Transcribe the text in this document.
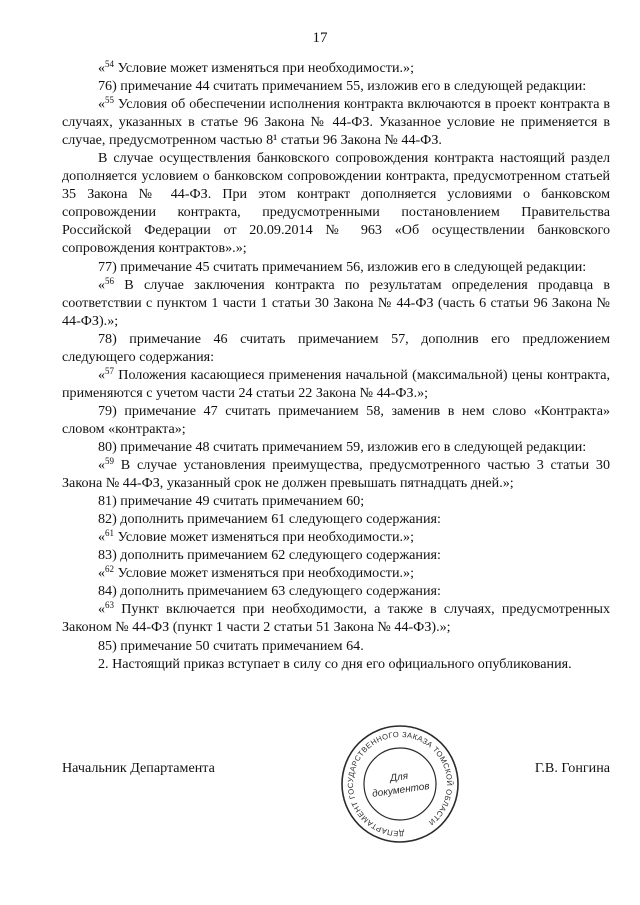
17

«$^{54}$ Условие может изменяться при необходимости.»;

76) примечание 44 считать примечанием 55, изложив его в следующей редакции:

«$^{55}$ Условия об обеспечении исполнения контракта включаются в проект контракта в случаях, указанных в статье 96 Закона № 44-ФЗ. Указанное условие не применяется в случае, предусмотренном частью 8¹ статьи 96 Закона № 44-ФЗ.

В случае осуществления банковского сопровождения контракта настоящий раздел дополняется условием о банковском сопровождении контракта, предусмотренном статьей 35 Закона № 44-ФЗ. При этом контракт дополняется условиями о банковском сопровождении контракта, предусмотренными постановлением Правительства Российской Федерации от 20.09.2014 № 963 «Об осуществлении банковского сопровождения контрактов».»;

77) примечание 45 считать примечанием 56, изложив его в следующей редакции:

«$^{56}$ В случае заключения контракта по результатам определения продавца в соответствии с пунктом 1 части 1 статьи 30 Закона № 44-ФЗ (часть 6 статьи 96 Закона № 44-ФЗ).»;

78) примечание 46 считать примечанием 57, дополнив его предложением следующего содержания:

«$^{57}$ Положения касающиеся применения начальной (максимальной) цены контракта, применяются с учетом части 24 статьи 22 Закона № 44-ФЗ.»;

79) примечание 47 считать примечанием 58, заменив в нем слово «Контракта» словом «контракта»;

80) примечание 48 считать примечанием 59, изложив его в следующей редакции:

«$^{59}$ В случае установления преимущества, предусмотренного частью 3 статьи 30 Закона № 44-ФЗ, указанный срок не должен превышать пятнадцать дней.»;

81) примечание 49 считать примечанием 60;

82) дополнить примечанием 61 следующего содержания:

«$^{61}$ Условие может изменяться при необходимости.»;

83) дополнить примечанием 62 следующего содержания:

«$^{62}$ Условие может изменяться при необходимости.»;

84) дополнить примечанием 63 следующего содержания:

«$^{63}$ Пункт включается при необходимости, а также в случаях, предусмотренных Законом № 44-ФЗ (пункт 1 части 2 статьи 51 Закона № 44-ФЗ).»;

85) примечание 50 считать примечанием 64.

2. Настоящий приказ вступает в силу со дня его официального опубликования.

Начальник Департамента	Г.В. Гонгина
ДЕПАРТАМЕНТ ГОСУДАРСТВЕННОГО ЗАКАЗА ТОМСКОЙ ОБЛАСТИ
Для
документов
